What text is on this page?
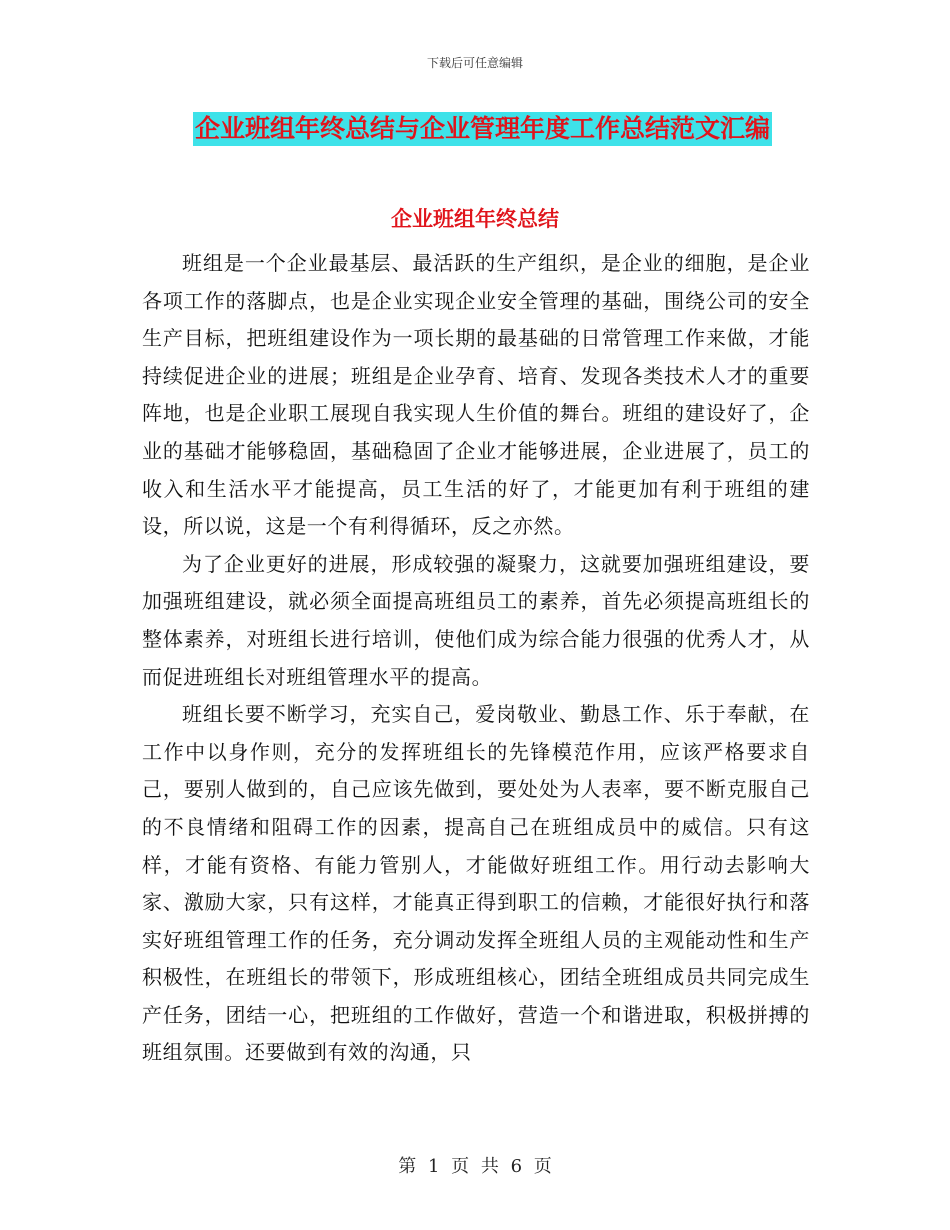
下载后可任意编辑
企业班组年终总结与企业管理年度工作总结范文汇编
企业班组年终总结

班组是一个企业最基层、最活跃的生产组织，是企业的细胞，是企业各项工作的落脚点，也是企业实现企业安全管理的基础，围绕公司的安全生产目标，把班组建设作为一项长期的最基础的日常管理工作来做，才能持续促进企业的进展；班组是企业孕育、培育、发现各类技术人才的重要阵地，也是企业职工展现自我实现人生价值的舞台。班组的建设好了，企业的基础才能够稳固，基础稳固了企业才能够进展，企业进展了，员工的收入和生活水平才能提高，员工生活的好了，才能更加有利于班组的建设，所以说，这是一个有利得循环，反之亦然。

为了企业更好的进展，形成较强的凝聚力，这就要加强班组建设，要加强班组建设，就必须全面提高班组员工的素养，首先必须提高班组长的整体素养，对班组长进行培训，使他们成为综合能力很强的优秀人才，从而促进班组长对班组管理水平的提高。

班组长要不断学习，充实自己，爱岗敬业、勤恳工作、乐于奉献，在工作中以身作则，充分的发挥班组长的先锋模范作用，应该严格要求自己，要别人做到的，自己应该先做到，要处处为人表率，要不断克服自己的不良情绪和阻碍工作的因素，提高自己在班组成员中的威信。只有这样，才能有资格、有能力管别人，才能做好班组工作。用行动去影响大家、激励大家，只有这样，才能真正得到职工的信赖，才能很好执行和落实好班组管理工作的任务，充分调动发挥全班组人员的主观能动性和生产积极性，在班组长的带领下，形成班组核心，团结全班组成员共同完成生产任务，团结一心，把班组的工作做好，营造一个和谐进取，积极拼搏的班组氛围。还要做到有效的沟通，只

第 1 页 共 6 页
